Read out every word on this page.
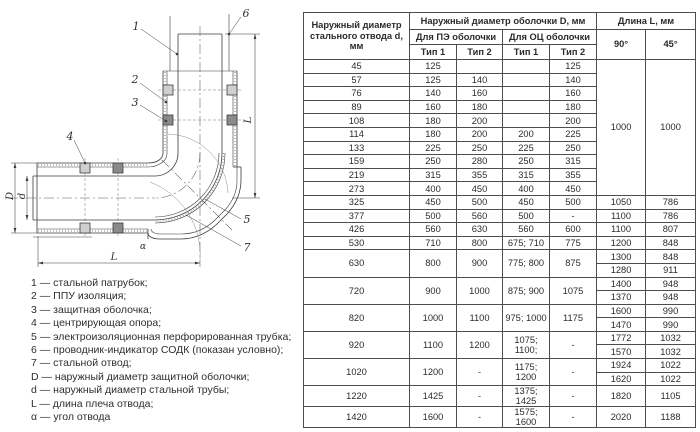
L
L
D d
α
1
2
3
4
5
6
7
1 — стальной патрубок;
2 — ППУ изоляция;
3 — защитная оболочка;
4 — центрирующая опора;
5 — электроизоляционная перфорированная трубка;
6 — проводник-индикатор СОДК (показан условно);
7 — стальной отвод;
D — наружный диаметр защитной оболочки;
d — наружный диаметр стальной трубы;
L — длина плеча отвода;
α — угол отвода
Наружный диаметр стального отвода d, мм	Наружный диаметр оболочки D, мм				Длина L, мм	
	Для ПЭ оболочки		Для ОЦ оболочки		90°	45°
	Тип 1	Тип 2	Тип 1	Тип 2		
45	125			125	1000	1000
57	125	140		140		
76	140	160		160		
89	160	180		180		
108	180	200		200		
114	180	200	200	225		
133	225	250	225	250		
159	250	280	250	315		
219	315	355	315	355		
273	400	450	400	450		
325	450	500	450	500	1050	786
377	500	560	500	-	1100	786
426	560	630	560	600	1100	807
530	710	800	675; 710	775	1200	848
630	800	900	775; 800	875	1300	848
					1280	911
720	900	1000	875; 900	1075	1400	948
					1370	948
820	1000	1100	975; 1000	1175	1600	990
					1470	990
920	1100	1200	1075; 1100;	-	1772	1032
					1570	1032
1020	1200	-	1175; 1200	-	1924	1022
					1620	1022
1220	1425	-	1375; 1425	-	1820	1105
1420	1600	-	1575; 1600	-	2020	1188
